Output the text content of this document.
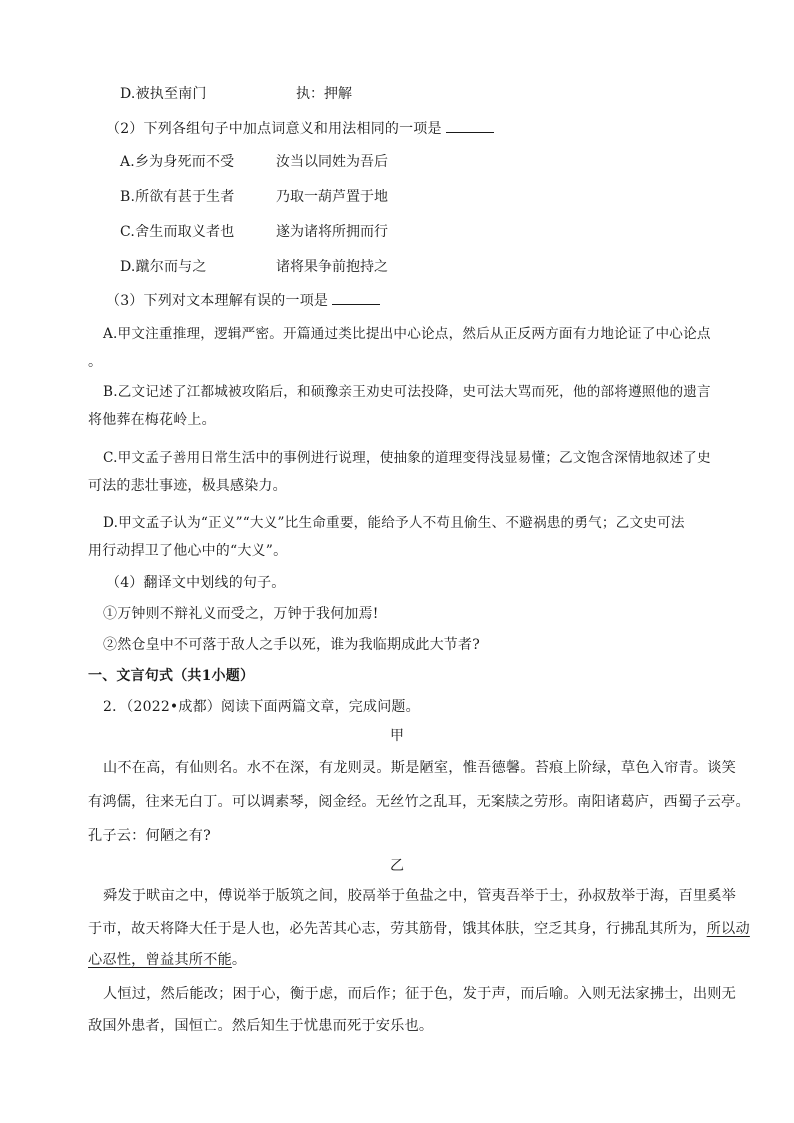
D.被执至南门	执：押解
（2）下列各组句子中加点词意义和用法相同的一项是
A.乡为身死而不受	汝当以同姓为吾后
B.所欲有甚于生者	乃取一葫芦置于地
C.舍生而取义者也	遂为诸将所拥而行
D.蹴尔而与之	诸将果争前抱持之
（3）下列对文本理解有误的一项是
A.甲文注重推理，逻辑严密。开篇通过类比提出中心论点，然后从正反两方面有力地论证了中心论点
。
B.乙文记述了江都城被攻陷后，和硕豫亲王劝史可法投降，史可法大骂而死，他的部将遵照他的遗言
将他葬在梅花岭上。
C.甲文孟子善用日常生活中的事例进行说理，使抽象的道理变得浅显易懂；乙文饱含深情地叙述了史
可法的悲壮事迹，极具感染力。
D.甲文孟子认为“正义”“大义”比生命重要，能给予人不苟且偷生、不避祸患的勇气；乙文史可法
用行动捍卫了他心中的“大义”。
（4）翻译文中划线的句子。
①万钟则不辩礼义而受之，万钟于我何加焉!
②然仓皇中不可落于敌人之手以死，谁为我临期成此大节者?
一、文言句式（共1小题）
2．（2022•成都）阅读下面两篇文章，完成问题。
甲
山不在高，有仙则名。水不在深，有龙则灵。斯是陋室，惟吾德馨。苔痕上阶绿，草色入帘青。谈笑
有鸿儒，往来无白丁。可以调素琴，阅金经。无丝竹之乱耳，无案牍之劳形。南阳诸葛庐，西蜀子云亭。
孔子云：何陋之有?
乙
舜发于畎亩之中，傅说举于版筑之间，胶鬲举于鱼盐之中，管夷吾举于士，孙叔敖举于海，百里奚举
于市，故天将降大任于是人也，必先苦其心志，劳其筋骨，饿其体肤，空乏其身，行拂乱其所为，所以动
心忍性，曾益其所不能。
人恒过，然后能改；困于心，衡于虑，而后作；征于色，发于声，而后喻。入则无法家拂士，出则无
敌国外患者，国恒亡。然后知生于忧患而死于安乐也。
